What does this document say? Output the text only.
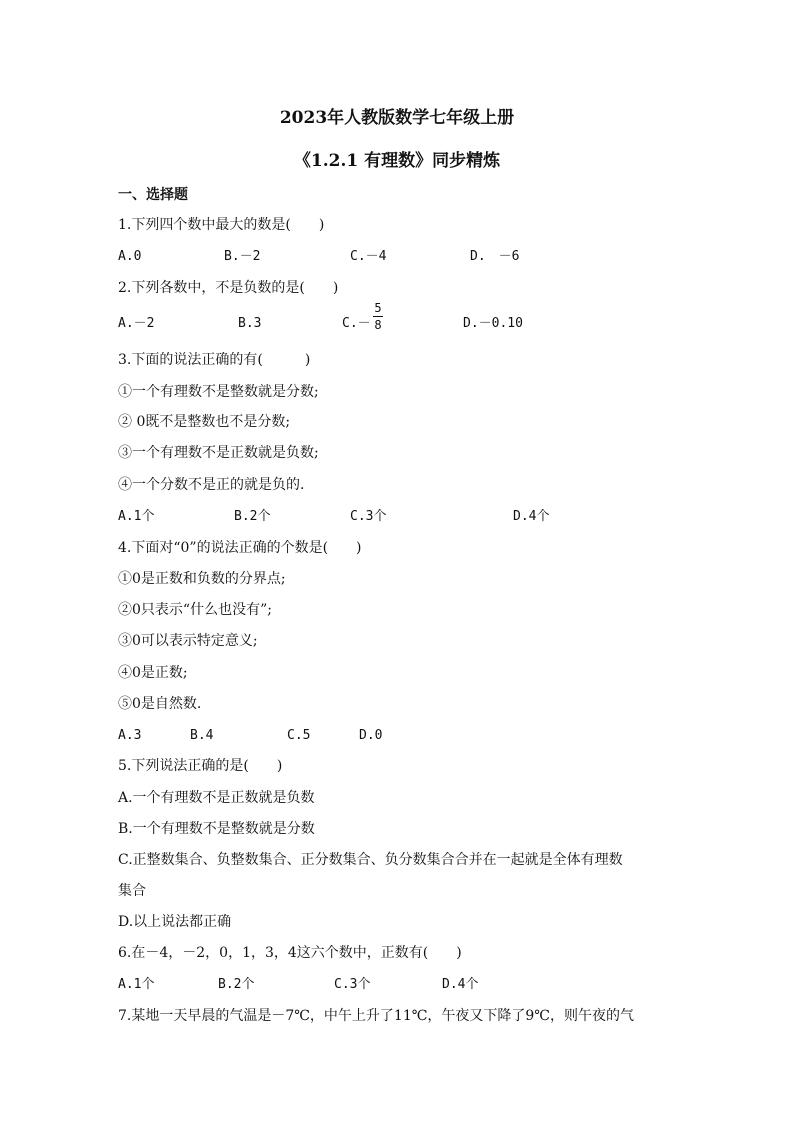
2023年人教版数学七年级上册
《1.2.1 有理数》同步精炼
一、选择题
1.下列四个数中最大的数是(　　)
A.0	B.－2	C.－4	D.　－6
2.下列各数中，不是负数的是(　　)
A.－2	B.3	C.－
5
8	D.－0.10
3.下面的说法正确的有(　　　)
①一个有理数不是整数就是分数;
② 0既不是整数也不是分数;
③一个有理数不是正数就是负数;
④一个分数不是正的就是负的.
A.1个	B.2个	C.3个	D.4个
4.下面对“0”的说法正确的个数是(　　)
①0是正数和负数的分界点;
②0只表示“什么也没有”;
③0可以表示特定意义;
④0是正数;
⑤0是自然数.
A.3	B.4	C.5	D.0
5.下列说法正确的是(　　)
A.一个有理数不是正数就是负数
B.一个有理数不是整数就是分数
C.正整数集合、负整数集合、正分数集合、负分数集合合并在一起就是全体有理数
集合
D.以上说法都正确
6.在－4，－2，0，1，3，4这六个数中，正数有(　　)
A.1个	B.2个	C.3个	D.4个
7.某地一天早晨的气温是－7℃，中午上升了11℃，午夜又下降了9℃，则午夜的气
